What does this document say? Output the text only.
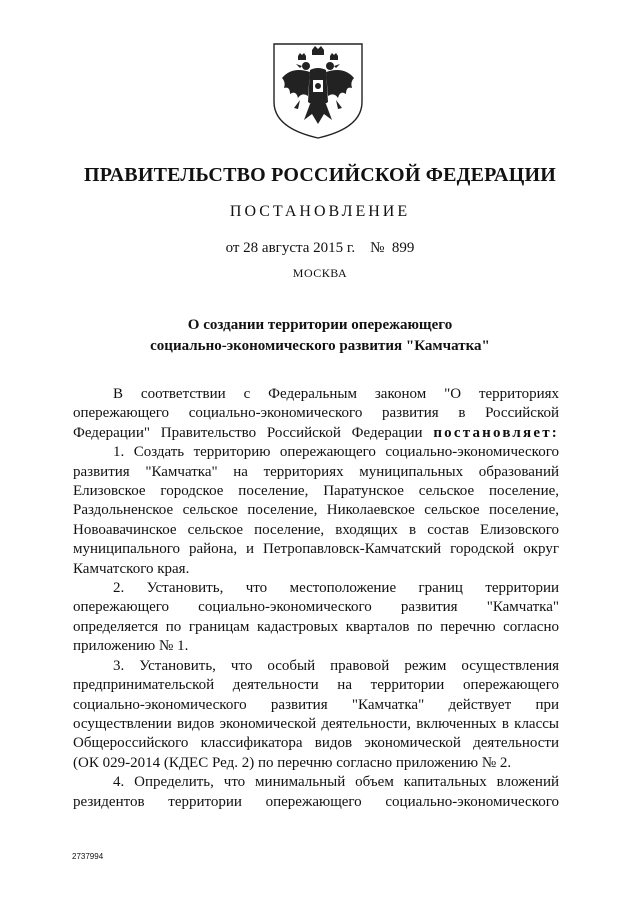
ПРАВИТЕЛЬСТВО РОССИЙСКОЙ ФЕДЕРАЦИИ
ПОСТАНОВЛЕНИЕ
от 28 августа 2015 г. №  899
МОСКВА
О создании территории опережающего
социально-экономического развития "Камчатка"

В соответствии с Федеральным законом "О территориях

опережающего социально-экономического развития в Российской

Федерации" Правительство Российской Федерации постановляет:

1. Создать территорию опережающего социально-экономического

развития "Камчатка" на территориях муниципальных образований

Елизовское городское поселение, Паратунское сельское поселение,

Раздольненское сельское поселение, Николаевское сельское поселение,

Новоавачинское сельское поселение, входящих в состав Елизовского

муниципального района, и Петропавловск-Камчатский городской округ

Камчатского края.

2. Установить, что местоположение границ территории

опережающего социально-экономического развития "Камчатка"

определяется по границам кадастровых кварталов по перечню согласно

приложению № 1.

3. Установить, что особый правовой режим осуществления

предпринимательской деятельности на территории опережающего

социально-экономического развития "Камчатка" действует при

осуществлении видов экономической деятельности, включенных в классы

Общероссийского классификатора видов экономической деятельности

(ОК 029-2014 (КДЕС Ред. 2) по перечню согласно приложению № 2.

4. Определить, что минимальный объем капитальных вложений

резидентов территории опережающего социально-экономического

2737994
